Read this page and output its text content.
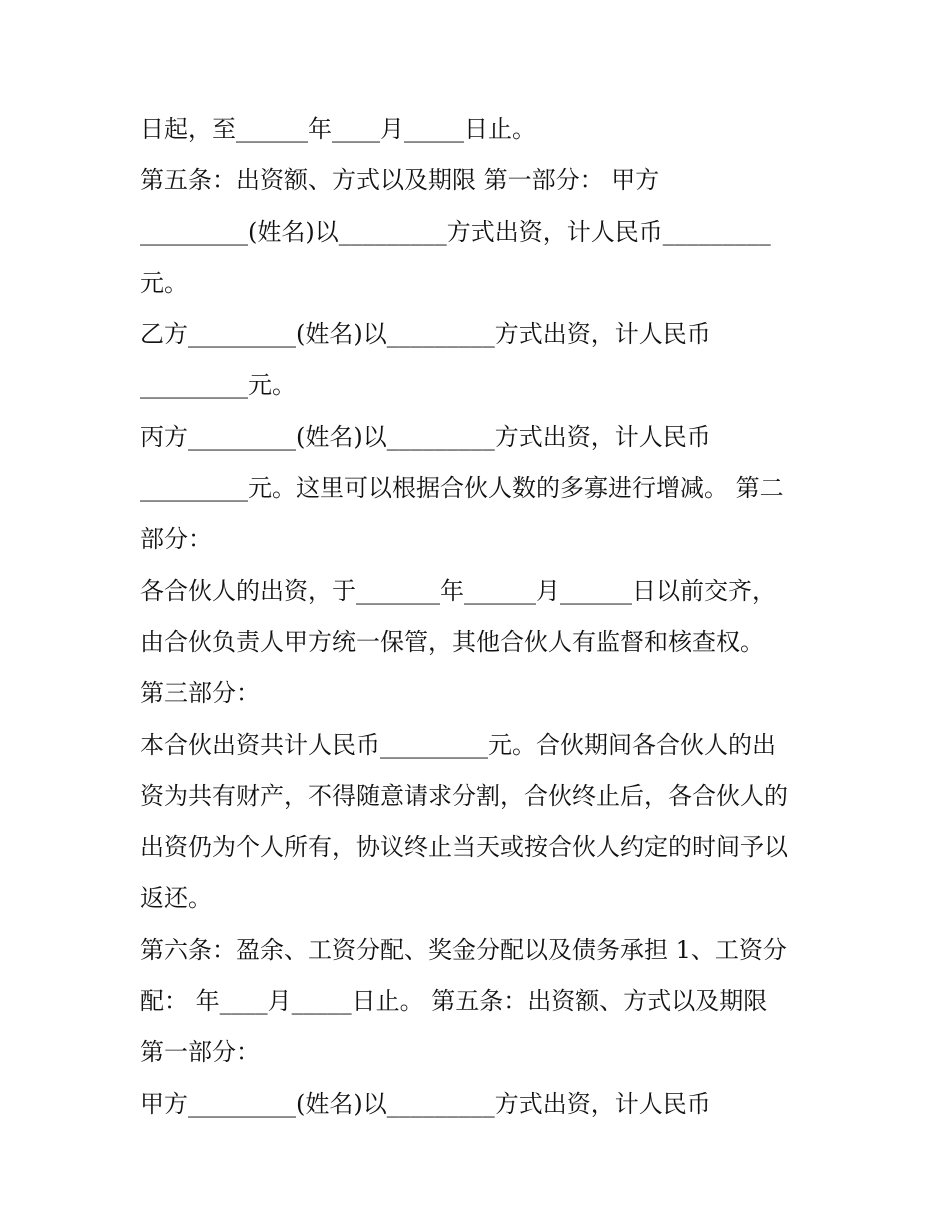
日起，至______年____月_____日止。

第五条：出资额、方式以及期限 第一部分： 甲方

_________(姓名)以_________方式出资，计人民币_________

元。

乙方_________(姓名)以_________方式出资，计人民币

_________元。

丙方_________(姓名)以_________方式出资，计人民币

_________元。这里可以根据合伙人数的多寡进行增减。 第二

部分：

各合伙人的出资，于_______年______月______日以前交齐，

由合伙负责人甲方统一保管，其他合伙人有监督和核查权。

第三部分：

本合伙出资共计人民币_________元。合伙期间各合伙人的出

资为共有财产，不得随意请求分割，合伙终止后，各合伙人的

出资仍为个人所有，协议终止当天或按合伙人约定的时间予以

返还。

第六条：盈余、工资分配、奖金分配以及债务承担 1、工资分

配： 年____月_____日止。 第五条：出资额、方式以及期限

第一部分：

甲方_________(姓名)以_________方式出资，计人民币
